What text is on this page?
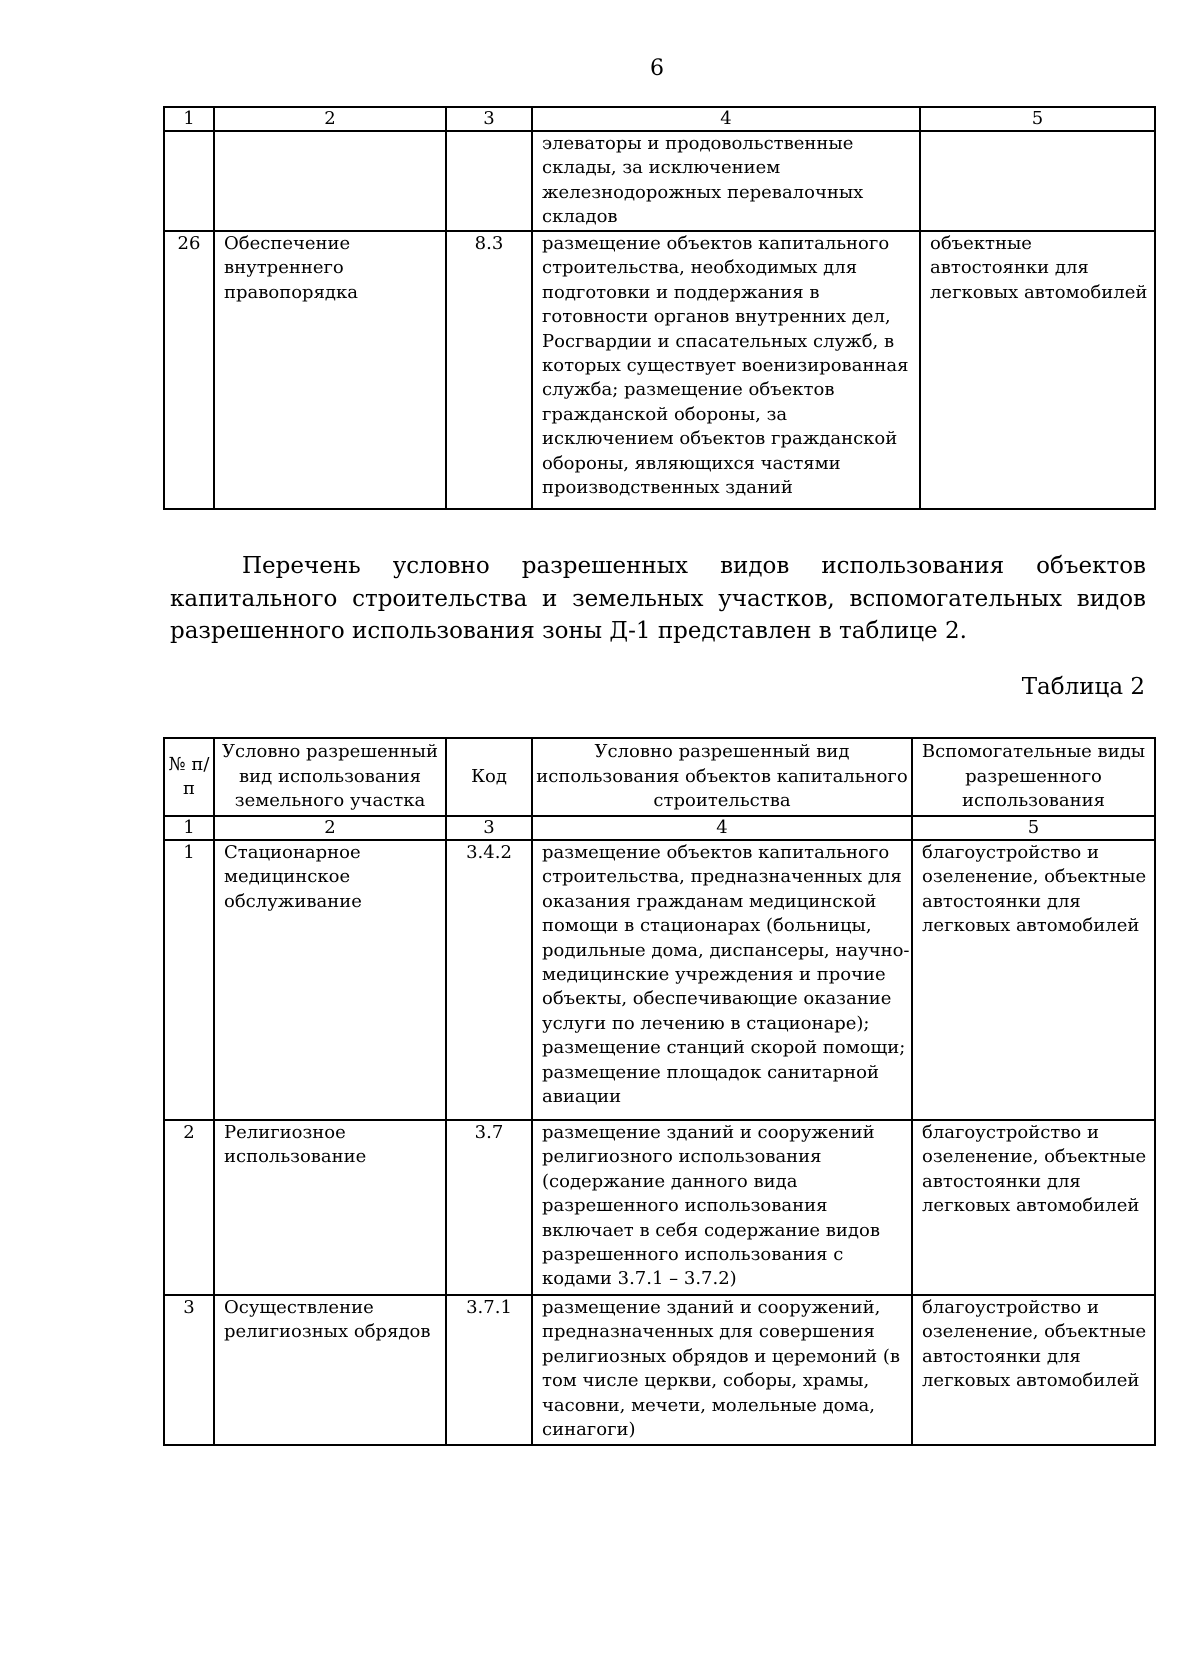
6
1	2	3	4	5
			элеваторы и продовольственные склады, за исключением железнодорожных перевалочных складов	
26	Обеспечение внутреннего правопорядка	8.3	размещение объектов капитального строительства, необходимых для подготовки и поддержания в готовности органов внутренних дел, Росгвардии и спасательных служб, в которых существует военизированная служба; размещение объектов гражданской обороны, за исключением объектов гражданской обороны, являющихся частями производственных зданий	объектные автостоянки для легковых автомобилей
Перечень условно разрешенных видов использования объектов капитального строительства и земельных участков, вспомогательных видов разрешенного использования зоны Д-1 представлен в таблице 2.
Таблица 2
№ п/п	Условно разрешенный вид использования земельного участка	Код	Условно разрешенный вид использования объектов капитального строительства	Вспомогательные виды разрешенного использования
1	2	3	4	5
1	Стационарное медицинское обслуживание	3.4.2	размещение объектов капитального строительства, предназначенных для оказания гражданам медицинской помощи в стационарах (больницы, родильные дома, диспансеры, научно-медицинские учреждения и прочие объекты, обеспечивающие оказание услуги по лечению в стационаре); размещение станций скорой помощи; размещение площадок санитарной авиации	благоустройство и озеленение, объектные автостоянки для легковых автомобилей
2	Религиозное использование	3.7	размещение зданий и сооружений религиозного использования (содержание данного вида разрешенного использования включает в себя содержание видов разрешенного использования с кодами 3.7.1 – 3.7.2)	благоустройство и озеленение, объектные автостоянки для легковых автомобилей
3	Осуществление религиозных обрядов	3.7.1	размещение зданий и сооружений, предназначенных для совершения религиозных обрядов и церемоний (в том числе церкви, соборы, храмы, часовни, мечети, молельные дома, синагоги)	благоустройство и озеленение, объектные автостоянки для легковых автомобилей
